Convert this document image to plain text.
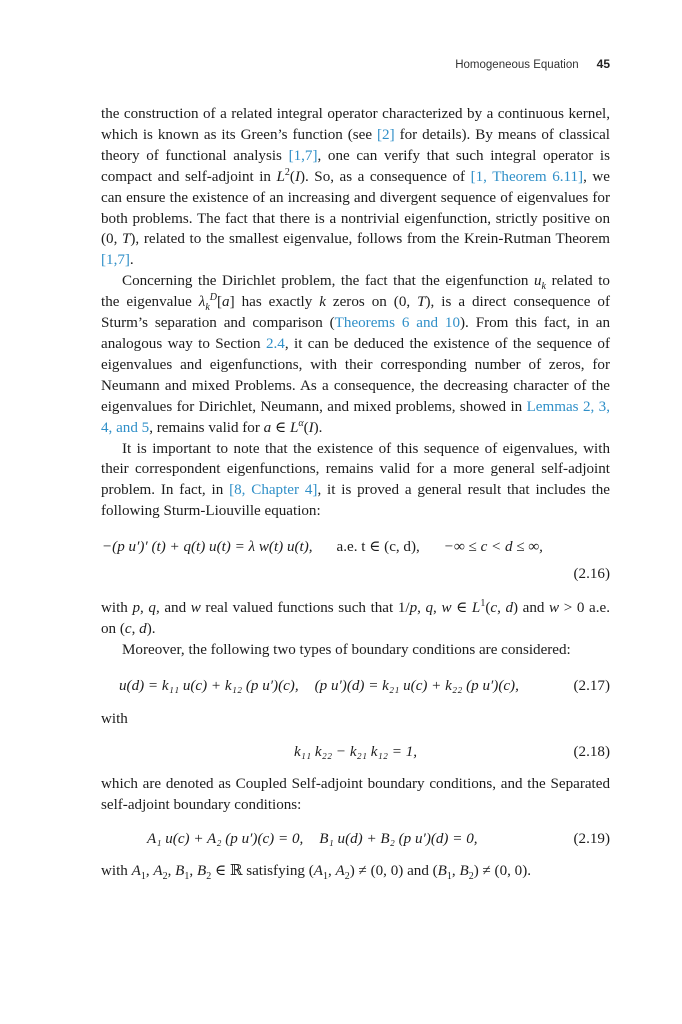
Homogeneous Equation 45

the construction of a related integral operator characterized by a continuous kernel, which is known as its Green’s function (see [2] for details). By means of classical theory of functional analysis [1,7], one can verify that such integral operator is compact and self-adjoint in $L^2(I)$. So, as a consequence of [1, Theorem 6.11], we can ensure the existence of an increasing and divergent sequence of eigenvalues for both problems. The fact that there is a nontrivial eigenfunction, strictly positive on (0, T), related to the smallest eigenvalue, follows from the Krein-Rutman Theorem [1,7].

Concerning the Dirichlet problem, the fact that the eigenfunction $u_k$ related to the eigenvalue $\lambda_k^D[a]$ has exactly k zeros on (0, T), is a direct consequence of Sturm’s separation and comparison (Theorems 6 and 10). From this fact, in an analogous way to Section 2.4, it can be deduced the existence of the sequence of eigenvalues and eigenfunctions, with their corresponding number of zeros, for Neumann and mixed Problems. As a consequence, the decreasing character of the eigenvalues for Dirichlet, Neumann, and mixed problems, showed in Lemmas 2, 3, 4, and 5, remains valid for a ∈ $L^\alpha(I)$.

It is important to note that the existence of this sequence of eigenvalues, with their correspondent eigenfunctions, remains valid for a more general self-adjoint problem. In fact, in [8, Chapter 4], it is proved a general result that includes the following Sturm-Liouville equation:

−(p u′)′ (t) + q(t) u(t) = λ w(t) u(t), a.e. t ∈ (c, d), −∞ ≤ c < d ≤ ∞,
(2.16)

with p, q, and w real valued functions such that 1/p, q, w ∈ $L^1(c$, d) and w > 0 a.e. on (c, d).

Moreover, the following two types of boundary conditions are considered:

u(d) = k₁₁ u(c) + k₁₂ (p u′)(c), (p u′)(d) = k₂₁ u(c) + k₂₂ (p u′)(c),	(2.17)

with

k₁₁ k₂₂ − k₂₁ k₁₂ = 1,	(2.18)

which are denoted as Coupled Self-adjoint boundary conditions, and the Separated self-adjoint boundary conditions:

A₁ u(c) + A₂ (p u′)(c) = 0, B₁ u(d) + B₂ (p u′)(d) = 0,	(2.19)

with $A_1$, $A_2$, $B_1$, $B_2$ ∈ ℝ satisfying ($A_1$, $A_2) \ne (0$, 0) and ($B_1$, $B_2) \ne (0$, 0).
